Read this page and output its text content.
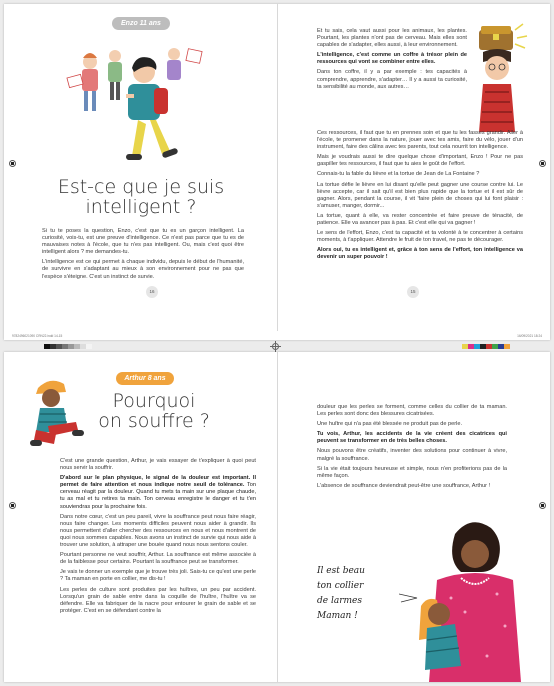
Enzo 11 ans
Est-ce que je suis
intelligent ?

Si tu te poses la question, Enzo, c'est que tu es un garçon intelligent. La curiosité, vois-tu, est une preuve d'intelligence. Ce n'est pas parce que tu es de mauvaises notes à l'école, que tu n'es pas intelligent. Ou, mais c'est quoi être intelligent alors ? me demandes-tu.

L'intelligence est ce qui permet à chaque individu, depuis le début de l'humanité, de survivre en s'adaptant au mieux à son environnement pour ne pas que l'espèce s'éteigne. C'est un instinct de survie.

16

Et tu sais, cela vaut aussi pour les animaux, les plantes. Pourtant, les plantes n'ont pas de cerveau. Mais elles sont capables de s'adapter, elles aussi, à leur environnement.

L'intelligence, c'est comme un coffre à trésor plein de ressources qui vont se combiner entre elles.

Dans ton coffre, il y a par exemple : tes capacités à comprendre, apprendre, s'adapter… Il y a aussi ta curiosité, ta sensibilité au monde, aux autres…

Ces ressources, il faut que tu en prennes soin et que tu les fasses grandir. Aller à l'école, te promener dans la nature, jouer avec tes amis, faire du vélo, jouer d'un instrument, faire des câlins avec tes parents, tout cela nourrit ton intelligence.

Mais je voudrais aussi te dire quelque chose d'important, Enzo ! Pour ne pas gaspiller tes ressources, il faut que tu aies le goût de l'effort.

Connais-tu la fable du lièvre et la tortue de Jean de La Fontaine ?

La tortue défie le lièvre en lui disant qu'elle peut gagner une course contre lui. Le lièvre accepte, car il sait qu'il est bien plus rapide que la tortue et il est sûr de gagner. Alors, pendant la course, il vit 'faire plein de choses qui lui font plaisir : s'amuser, manger, dormir...

La tortue, quant à elle, va rester concentrée et faire preuve de ténacité, de patience. Elle va avancer pas à pas. Et c'est elle qui va gagner !

Le sens de l'effort, Enzo, c'est ta capacité et ta volonté à te concentrer à certains moments, à t'appliquer. Attendre le fruit de ton travel, ne pas te décourager.

Alors oui, tu es intelligent et, grâce à ton sens de l'effort, ton intelligence va devenir un super pouvoir !

15
9782496021090 CRN22.indd 14-15	16/09/2021 18:24
Arthur 8 ans
Pourquoi
on souffre ?

C'est une grande question, Arthur, je vais essayer de t'expliquer à quoi peut nous servir la souffrir.

D'abord sur le plan physique, le signal de la douleur est important. Il permet de faire attention et nous indique notre seuil de tolérance. Ton cerveau réagit par la douleur. Quand tu mets ta main sur une plaque chaude, tu as mal et tu retires ta main. Ton cerveau enregistre le danger et tu t'en souviendras pour la prochaine fois.

Dans notre cœur, c'est un peu pareil, vivre la souffrance peut nous faire réagir, nous faire changer. Les moments difficiles peuvent nous aider à grandir. Ils nous permettent d'aller chercher des ressources en nous et nous montrent de quoi nous sommes capables. Nous avons un instinct de survie qui nous aide à trouver une solution, à attraper une bouée quand nous nous sentons couler.

Pourtant personne ne veut souffrir, Arthur. La souffrance est même associée à de la faiblesse pour certains. Pourtant la souffrance peut se transformer.

Je vais te donner un exemple que je trouve très joli. Sais-tu ce qu'est une perle ? Ta maman en porte en collier, me dis-tu !

Les perles de culture sont produites par les huîtres, un peu par accident. Lorsqu'un grain de sable entre dans la coquille de l'huître, l'huître va se défendre. Elle va fabriquer de la nacre pour entourer le grain de sable et se protéger. C'est en se défendant contre la

douleur que les perles se forment, comme celles du collier de ta maman. Les perles sont donc des blessures cicatrisées.

Une huître qui n'a pas été blessée ne produit pas de perle.

Tu vois, Arthur, les accidents de la vie créent des cicatrices qui peuvent se transformer en de très belles choses.

Nous pouvons être créatifs, inventer des solutions pour continuer à vivre, malgré la souffrance.

Si la vie était toujours heureuse et simple, nous n'en profiterions pas de la même façon.

L'absence de souffrance deviendrait peut-être une souffrance, Arthur !

Il est beau
ton collier
de larmes
Maman !
